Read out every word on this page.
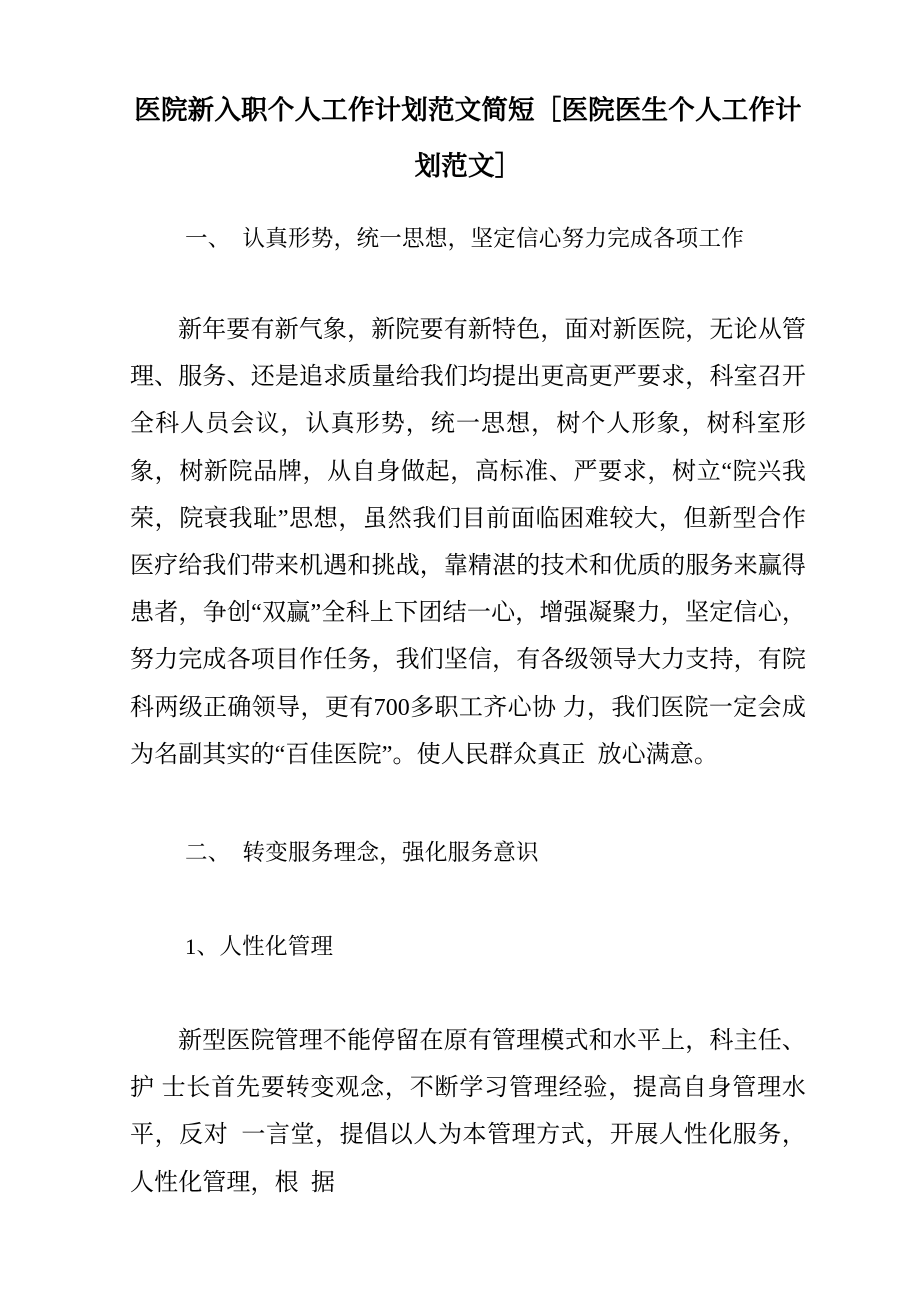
医院新入职个人工作计划范文简短［医院医生个人工作计划范文］
一、  认真形势，统一思想，坚定信心努力完成各项工作

新年要有新气象，新院要有新特色，面对新医院，无论从管理、服务、还是追求质量给我们均提出更高更严要求，科室召开全科人员会议，认真形势，统一思想，树个人形象，树科室形象，树新院品牌，从自身做起，高标准、严要求，树立“院兴我荣，院衰我耻”思想，虽然我们目前面临困难较大，但新型合作医疗给我们带来机遇和挑战，靠精湛的技术和优质的服务来赢得患者，争创“双赢”全科上下团结一心，增强凝聚力，坚定信心，努力完成各项目作任务，我们坚信，有各级领导大力支持，有院科两级正确领导，更有700多职工齐心协 力，我们医院一定会成为名副其实的“百佳医院”。使人民群众真正  放心满意。

二、  转变服务理念，强化服务意识
1、人性化管理

新型医院管理不能停留在原有管理模式和水平上，科主任、护 士长首先要转变观念，不断学习管理经验，提高自身管理水平，反对  一言堂，提倡以人为本管理方式，开展人性化服务，人性化管理，根  据
